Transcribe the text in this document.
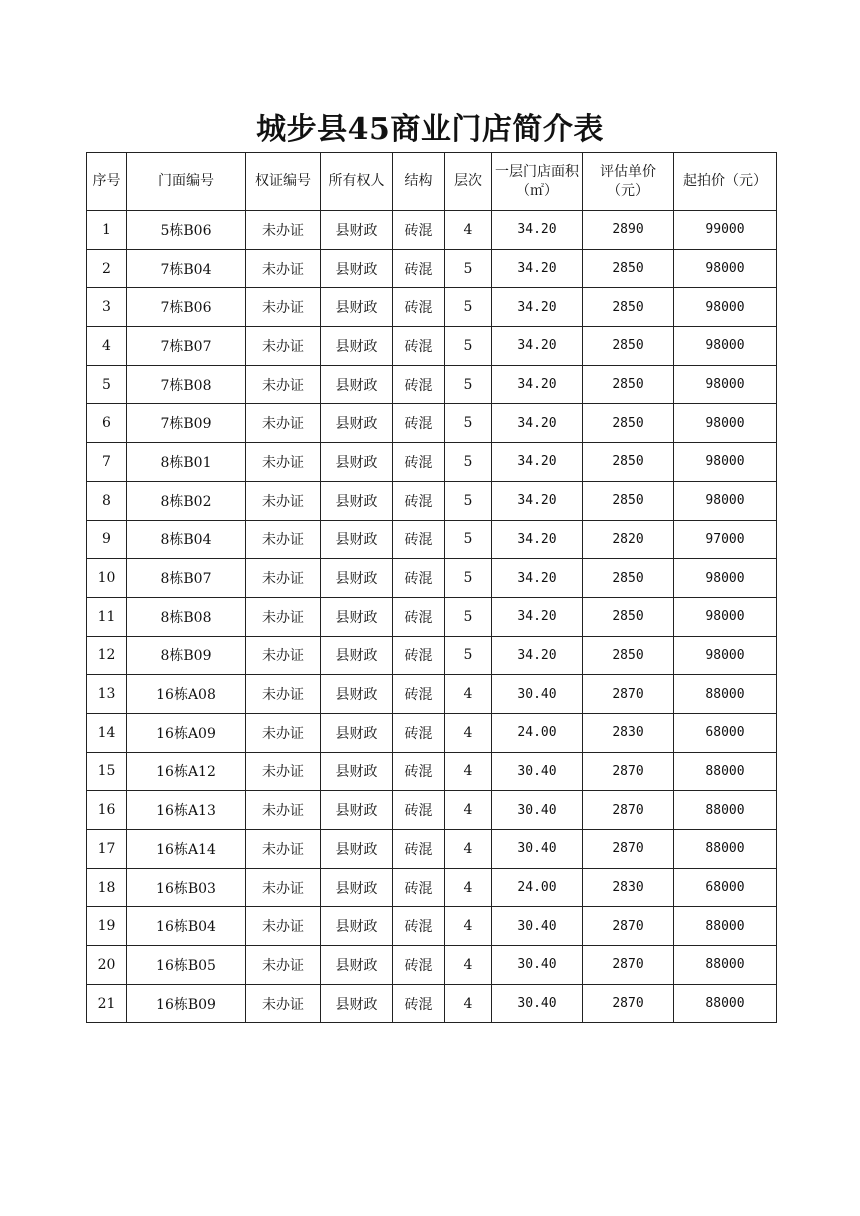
城步县45商业门店简介表
序号	门面编号	权证编号	所有权人	结构	层次	一层门店面积（㎡）	评估单价（元）	起拍价（元）
1	5栋B06	未办证	县财政	砖混	4	34.20	2890	99000
2	7栋B04	未办证	县财政	砖混	5	34.20	2850	98000
3	7栋B06	未办证	县财政	砖混	5	34.20	2850	98000
4	7栋B07	未办证	县财政	砖混	5	34.20	2850	98000
5	7栋B08	未办证	县财政	砖混	5	34.20	2850	98000
6	7栋B09	未办证	县财政	砖混	5	34.20	2850	98000
7	8栋B01	未办证	县财政	砖混	5	34.20	2850	98000
8	8栋B02	未办证	县财政	砖混	5	34.20	2850	98000
9	8栋B04	未办证	县财政	砖混	5	34.20	2820	97000
10	8栋B07	未办证	县财政	砖混	5	34.20	2850	98000
11	8栋B08	未办证	县财政	砖混	5	34.20	2850	98000
12	8栋B09	未办证	县财政	砖混	5	34.20	2850	98000
13	16栋A08	未办证	县财政	砖混	4	30.40	2870	88000
14	16栋A09	未办证	县财政	砖混	4	24.00	2830	68000
15	16栋A12	未办证	县财政	砖混	4	30.40	2870	88000
16	16栋A13	未办证	县财政	砖混	4	30.40	2870	88000
17	16栋A14	未办证	县财政	砖混	4	30.40	2870	88000
18	16栋B03	未办证	县财政	砖混	4	24.00	2830	68000
19	16栋B04	未办证	县财政	砖混	4	30.40	2870	88000
20	16栋B05	未办证	县财政	砖混	4	30.40	2870	88000
21	16栋B09	未办证	县财政	砖混	4	30.40	2870	88000
